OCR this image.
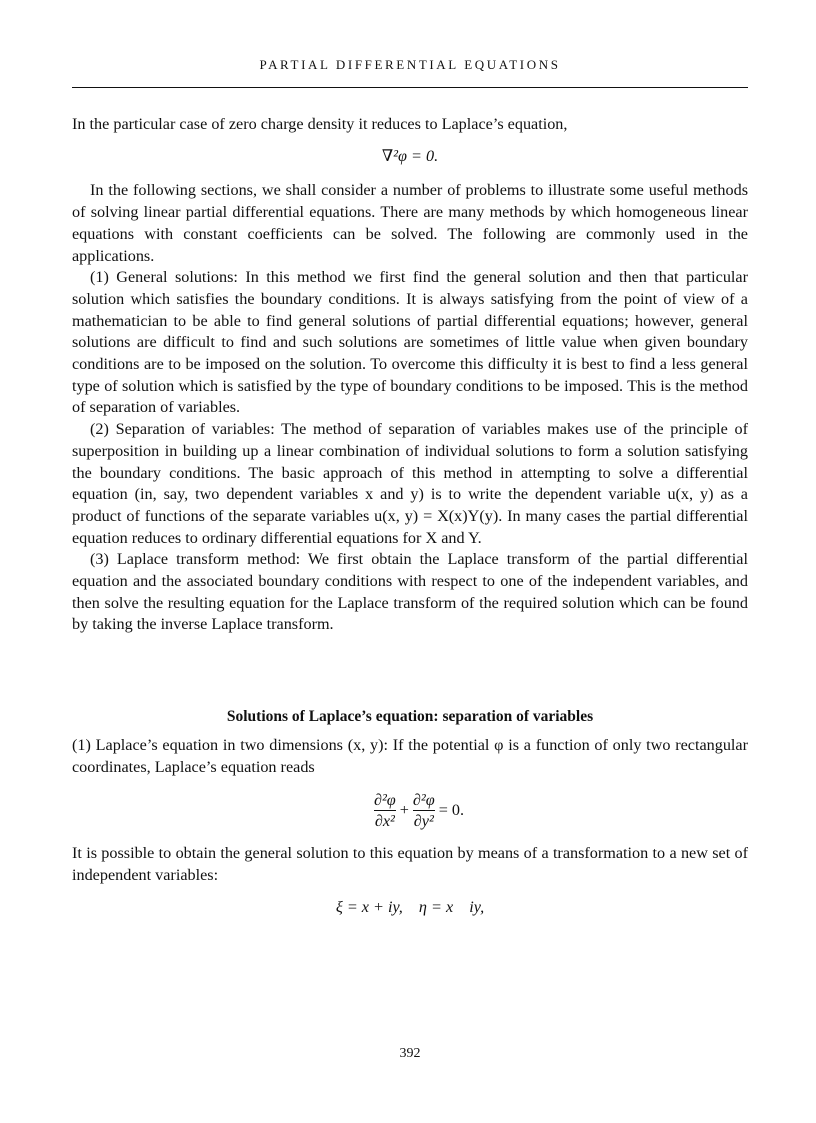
PARTIAL DIFFERENTIAL EQUATIONS

In the particular case of zero charge density it reduces to Laplace’s equation,

∇²φ = 0.

In the following sections, we shall consider a number of problems to illustrate some useful methods of solving linear partial differential equations. There are many methods by which homogeneous linear equations with constant coefficients can be solved. The following are commonly used in the applications.

(1) General solutions: In this method we first find the general solution and then that particular solution which satisfies the boundary conditions. It is always satisfying from the point of view of a mathematician to be able to find general solutions of partial differential equations; however, general solutions are difficult to find and such solutions are sometimes of little value when given boundary conditions are to be imposed on the solution. To overcome this difficulty it is best to find a less general type of solution which is satisfied by the type of boundary conditions to be imposed. This is the method of separation of variables.

(2) Separation of variables: The method of separation of variables makes use of the principle of superposition in building up a linear combination of individual solutions to form a solution satisfying the boundary conditions. The basic approach of this method in attempting to solve a differential equation (in, say, two dependent variables x and y) is to write the dependent variable u(x, y) as a product of functions of the separate variables u(x, y) = X(x)Y(y). In many cases the partial differential equation reduces to ordinary differential equations for X and Y.

(3) Laplace transform method: We first obtain the Laplace transform of the partial differential equation and the associated boundary conditions with respect to one of the independent variables, and then solve the resulting equation for the Laplace transform of the required solution which can be found by taking the inverse Laplace transform.

Solutions of Laplace’s equation: separation of variables

(1) Laplace’s equation in two dimensions (x, y): If the potential φ is a function of only two rectangular coordinates, Laplace’s equation reads

$\frac{\text{∂²φ}}{\text{∂x²}} + \frac{\text{∂²φ}}{\text{∂y²}} = 0$.

It is possible to obtain the general solution to this equation by means of a transformation to a new set of independent variables:

ξ = x + iy, η = x    iy,
392
